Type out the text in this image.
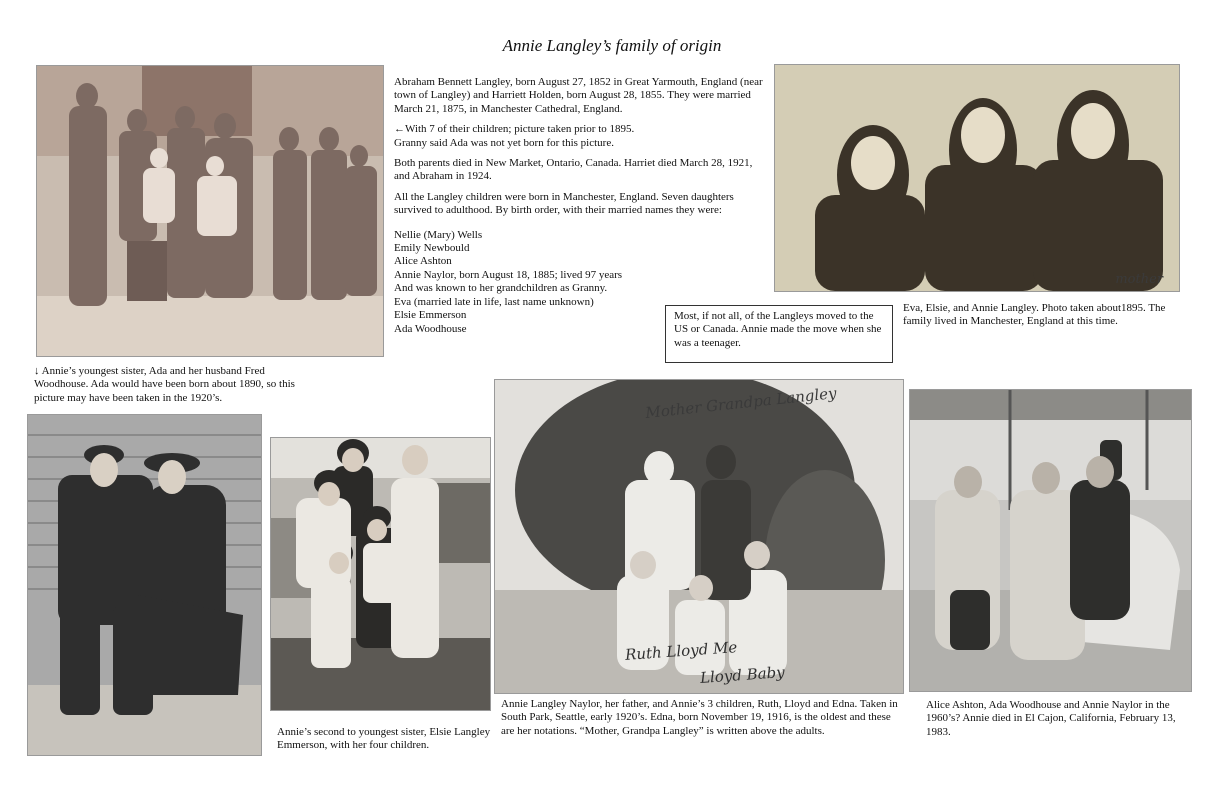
Annie Langley’s family of origin

Abraham Bennett Langley, born August 27, 1852 in Great Yarmouth, England (near town of Langley) and Harriett Holden, born August 28, 1855. They were married March 21, 1875, in Manchester Cathedral, England.

←With 7 of their children; picture taken prior to 1895.
Granny said Ada was not yet born for this picture.

Both parents died in New Market, Ontario, Canada. Harriet died March 28, 1921, and Abraham in 1924.

All the Langley children were born in Manchester, England. Seven daughters survived to adulthood. By birth order, with their married names they were:

Nellie (Mary) Wells
Emily Newbould
Alice Ashton
Annie Naylor, born August 18, 1885; lived 97 years
And was known to her grandchildren as Granny.
Eva (married late in life, last name unknown)
Elsie Emmerson
Ada Woodhouse
mother
Eva, Elsie, and Annie Langley. Photo taken about1895. The family lived in Manchester, England at this time.
Most, if not all, of the Langleys moved to the US or Canada. Annie made the move when she was a teenager.
↓ Annie’s youngest sister, Ada and her husband Fred Woodhouse. Ada would have been born about 1890, so this picture may have been taken in the 1920’s.
Annie’s second to youngest sister, Elsie Langley Emmerson, with her four children.
Mother Grandpa Langley
Ruth Lloyd Me
Lloyd Baby
Annie Langley Naylor, her father, and Annie’s 3 children, Ruth, Lloyd and Edna. Taken in South Park, Seattle, early 1920’s. Edna, born November 19, 1916, is the oldest and these are her notations. “Mother, Grandpa Langley” is written above the adults.
Alice Ashton, Ada Woodhouse and Annie Naylor in the 1960’s? Annie died in El Cajon, California, February 13, 1983.
